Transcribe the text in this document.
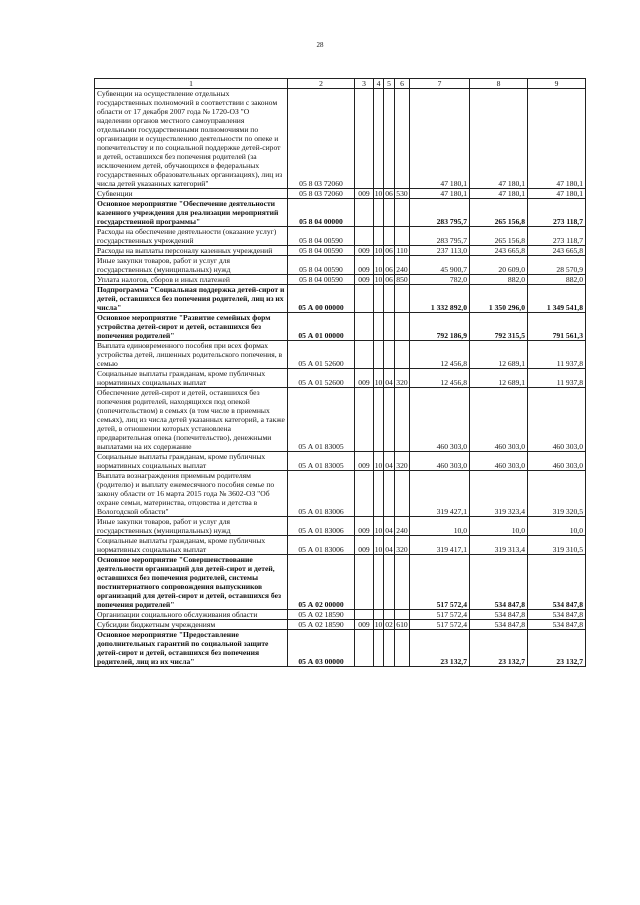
28
1	2	3	4	5	6	7	8	9
Субвенции на осуществление отдельных государственных полномочий в соответствии с законом области от 17 декабря 2007 года № 1720-ОЗ "О наделении органов местного самоуправления отдельными государственными полномочиями по организации и осуществлению деятельности по опеке и попечительству и по социальной поддержке детей-сирот и детей, оставшихся без попечения родителей (за исключением детей, обучающихся в федеральных государственных образовательных организациях), лиц из числа детей указанных категорий"	05 8 03 72060					47 180,1	47 180,1	47 180,1
Субвенции	05 8 03 72060	009	10	06	530	47 180,1	47 180,1	47 180,1
Основное мероприятие "Обеспечение деятельности казенного учреждения для реализации мероприятий государственной программы"	05 8 04 00000					283 795,7	265 156,8	273 118,7
Расходы на обеспечение деятельности (оказание услуг) государственных учреждений	05 8 04 00590					283 795,7	265 156,8	273 118,7
Расходы на выплаты персоналу казенных учреждений	05 8 04 00590	009	10	06	110	237 113,0	243 665,8	243 665,8
Иные закупки товаров, работ и услуг для государственных (муниципальных) нужд	05 8 04 00590	009	10	06	240	45 900,7	20 609,0	28 570,9
Уплата налогов, сборов и иных платежей	05 8 04 00590	009	10	06	850	782,0	882,0	882,0
Подпрограмма "Социальная поддержка детей-сирот и детей, оставшихся без попечения родителей, лиц из их числа"	05 А 00 00000					1 332 892,0	1 350 296,0	1 349 541,8
Основное мероприятие "Развитие семейных форм устройства детей-сирот и детей, оставшихся без попечения родителей"	05 А 01 00000					792 186,9	792 315,5	791 561,3
Выплата единовременного пособия при всех формах устройства детей, лишенных родительского попечения, в семью	05 А 01 52600					12 456,8	12 689,1	11 937,8
Социальные выплаты гражданам, кроме публичных нормативных социальных выплат	05 А 01 52600	009	10	04	320	12 456,8	12 689,1	11 937,8
Обеспечение детей-сирот и детей, оставшихся без попечения родителей, находящихся под опекой (попечительством) в семьях (в том числе в приемных семьях), лиц из числа детей указанных категорий, а также детей, в отношении которых установлена предварительная опека (попечительство), денежными выплатами на их содержание	05 А 01 83005					460 303,0	460 303,0	460 303,0
Социальные выплаты гражданам, кроме публичных нормативных социальных выплат	05 А 01 83005	009	10	04	320	460 303,0	460 303,0	460 303,0
Выплата вознаграждения приемным родителям (родителю) и выплату ежемесячного пособия семье по закону области от 16 марта 2015 года № 3602-ОЗ "Об охране семьи, материнства, отцовства и детства в Вологодской области"	05 А 01 83006					319 427,1	319 323,4	319 320,5
Иные закупки товаров, работ и услуг для государственных (муниципальных) нужд	05 А 01 83006	009	10	04	240	10,0	10,0	10,0
Социальные выплаты гражданам, кроме публичных нормативных социальных выплат	05 А 01 83006	009	10	04	320	319 417,1	319 313,4	319 310,5
Основное мероприятие "Совершенствование деятельности организаций для детей-сирот и детей, оставшихся без попечения родителей, системы постинтернатного сопровождения выпускников организаций для детей-сирот и детей, оставшихся без попечения родителей"	05 А 02 00000					517 572,4	534 847,8	534 847,8
Организации социального обслуживания области	05 А 02 18590					517 572,4	534 847,8	534 847,8
Субсидии бюджетным учреждениям	05 А 02 18590	009	10	02	610	517 572,4	534 847,8	534 847,8
Основное мероприятие "Предоставление дополнительных гарантий по социальной защите детей-сирот и детей, оставшихся без попечения родителей, лиц из их числа"	05 А 03 00000					23 132,7	23 132,7	23 132,7
